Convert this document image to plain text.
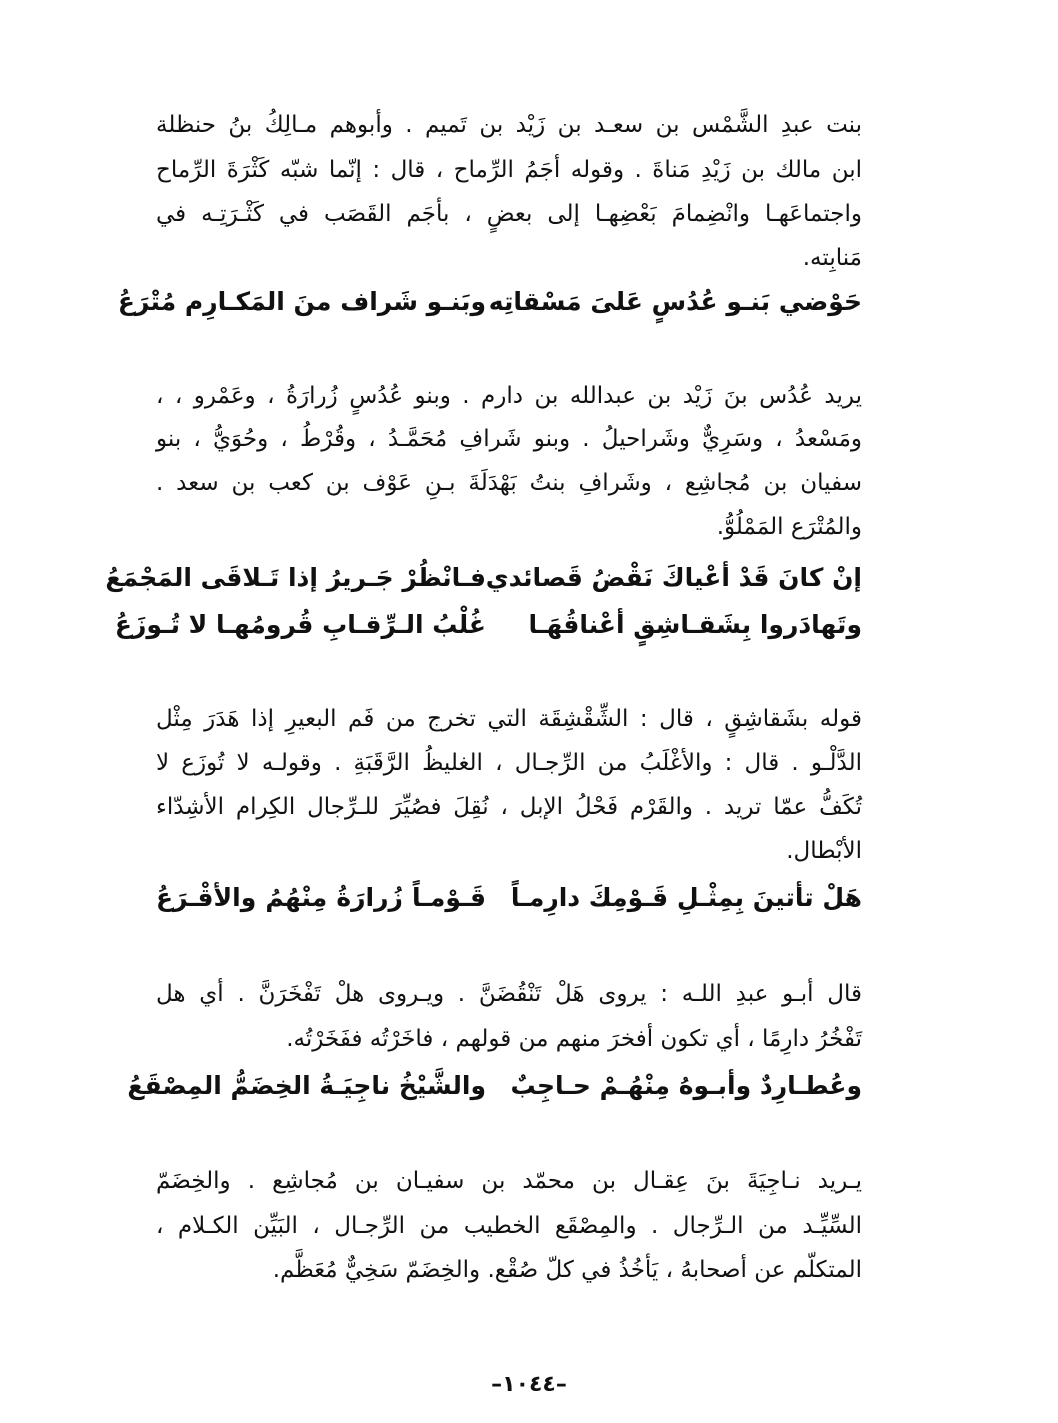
بنت عبدِ الشَّمْس بن سعـد بن زَيْد بن تَميم . وأبوهم مـالِكُ بنُ حنظلة
ابن مالك بن زَيْدِ مَناةَ . وقوله أجَمُ الرِّماح ، قال : إنّما شبّه كَثْرَةَ الرِّماح
واجتماعَهـا وانْضِمامَ بَعْضِهـا إلى بعضٍ ، بأجَم القَصَب في كَثْـرَتِـه في
مَنابِته.
حَوْضي بَنـو عُدُسٍ عَلىَ مَسْقاتِه
وبَنـو شَراف منَ المَكـارِم مُتْرَعُ
يريد عُدُس بنَ زَيْد بن عبدالله بن دارم . وبنو عُدُسٍ زُرارَةُ ، وعَمْرو ، ،
ومَسْعدُ ، وسَرِيٌّ وشَراحيلُ . وبنو شَرافِ مُحَمَّـدُ ، وقُرْطُ ، وحُوَيُّ ، بنو
سفيان بن مُجاشِع ، وشَرافِ بنتُ بَهْدَلَةَ بـنِ عَوْف بن كعب بن سعد .
والمُتْرَع المَمْلُوُّ.
إنْ كانَ قَدْ أعْياكَ نَقْضُ قَصائدي
فـانْظُرْ جَـريرُ إذا تَـلاقَى المَجْمَعُ
وتَهادَروا بِشَقـاشِقٍ أعْناقُهَـا
غُلْبُ الـرِّقـابِ قُرومُهـا لا تُـوزَعُ
قوله بشَقاشِقٍ ، قال : الشِّقْشِقَة التي تخرج من فَم البعيرِ إذا هَدَرَ مِثْل
الدَّلْـو . قال : والأغْلَبُ من الرِّجـال ، الغليظُ الرَّقَبَةِ . وقولـه لا تُوزَع لا
تُكَفُّ عمّا تريد . والقَرْم فَحْلُ الإبل ، نُقِلَ فصُيِّرَ للـرِّجال الكِرام الأشِدّاء
الأبْطال.
هَلْ تأتينَ بِمِثْـلِ قَـوْمِكَ دارِمـاً
قَـوْمـاً زُرارَةُ مِنْهُمُ والأقْـرَعُ
قال أبـو عبدِ اللـه : يروى هَلْ تَنْقُضَنَّ . ويـروى هلْ تَفْخَرَنَّ . أي هل
تَفْخُرُ دارِمًا ، أي تكون أفخرَ منهم من قولهم ، فاخَرْتُه ففَخَرْتُه.
وعُطـارِدٌ وأبـوهُ مِنْهُـمْ حـاجِبٌ
والشَّيْخُ ناجِيَـةُ الخِضَمُّ المِصْقَعُ
يـريد نـاجِيَةَ بنَ عِقـال بن محمّد بن سفيـان بن مُجاشِع . والخِضَمّ
السِّيِّـد من الـرِّجال . والمِصْقَع الخطيب من الرِّجـال ، البَيِّن الكـلام ،
المتكلّم عن أصحابهُ ، يَأخُذُ في كلّ صُقْع. والخِضَمّ سَخِيٌّ مُعَظَّم.
–١٠٤٤–
